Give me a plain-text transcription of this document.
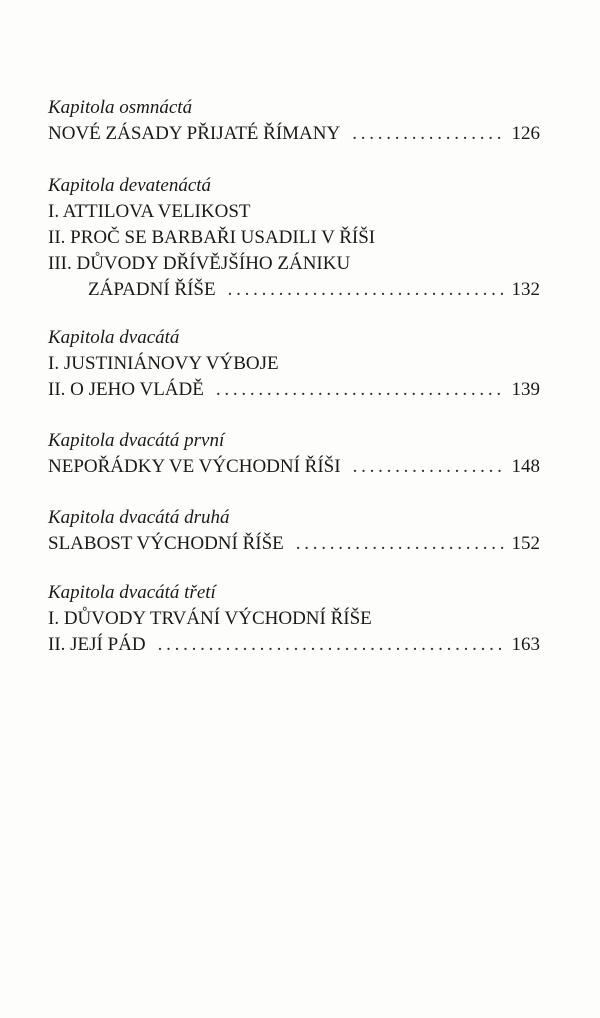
Kapitola osmnáctá
NOVÉ ZÁSADY PŘIJATÉ ŘÍMANY . . .	126
Kapitola devatenáctá
I. ATTILOVA VELIKOST
II. PROČ SE BARBAŘI USADILI V ŘÍŠI
III. DŮVODY DŘÍVĚJŠÍHO ZÁNIKU
ZÁPADNÍ ŘÍŠE . . .	132
Kapitola dvacátá
I. JUSTINIÁNOVY VÝBOJE
II. O JEHO VLÁDĚ . . .	139
Kapitola dvacátá první
NEPOŘÁDKY VE VÝCHODNÍ ŘÍŠI . . .	148
Kapitola dvacátá druhá
SLABOST VÝCHODNÍ ŘÍŠE . . .	152
Kapitola dvacátá třetí
I. DŮVODY TRVÁNÍ VÝCHODNÍ ŘÍŠE
II. JEJÍ PÁD . . .	163
